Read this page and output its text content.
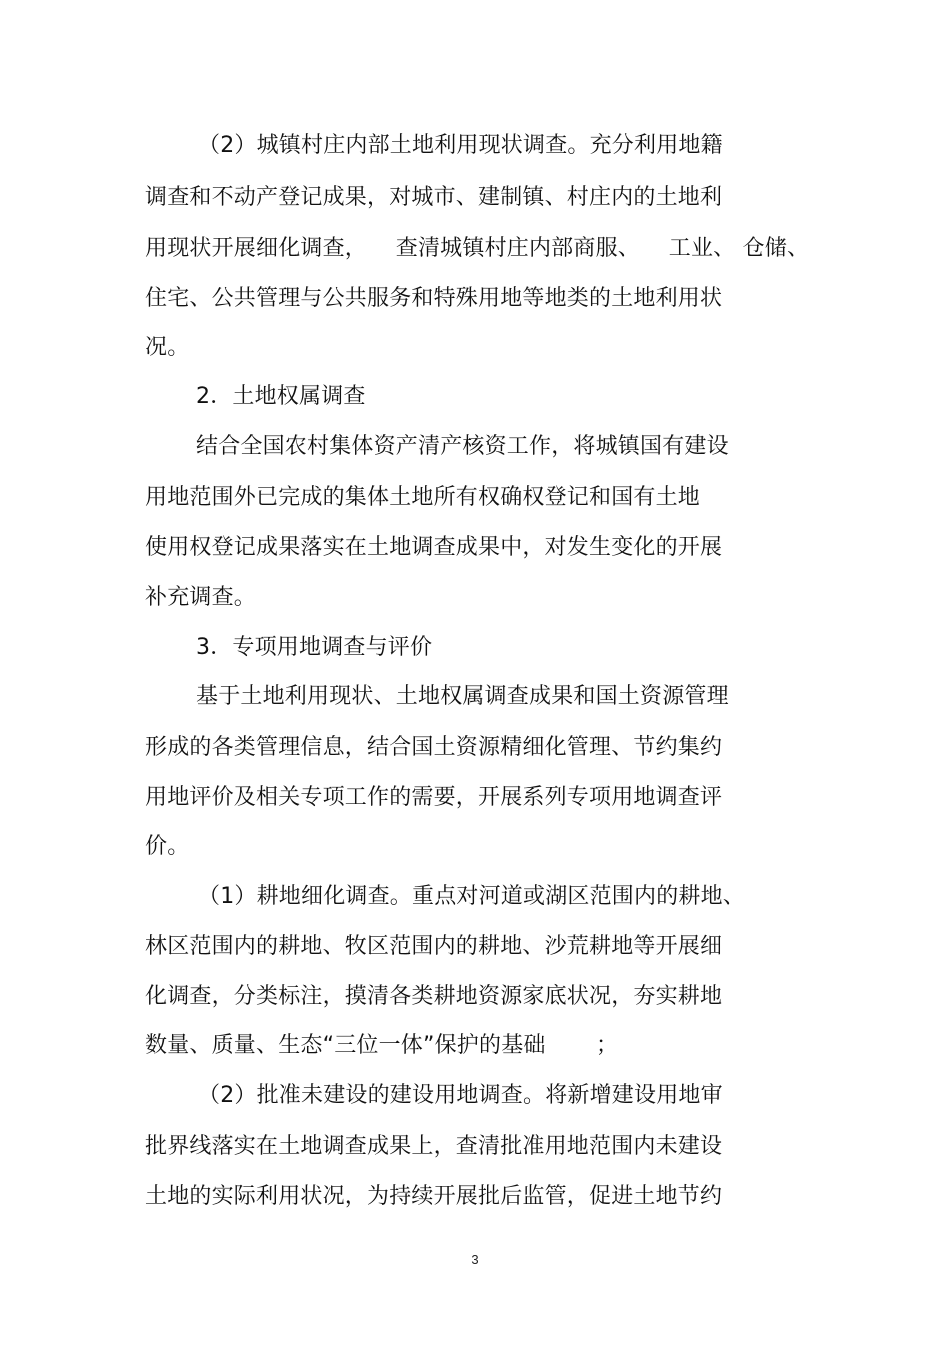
（2）城镇村庄内部土地利用现状调查。充分利用地籍
调查和不动产登记成果，对城市、建制镇、村庄内的土地利
用现状开展细化调查，    查清城镇村庄内部商服、    工业、 仓储、
住宅、公共管理与公共服务和特殊用地等地类的土地利用状
况。
2．土地权属调查
结合全国农村集体资产清产核资工作，将城镇国有建设
用地范围外已完成的集体土地所有权确权登记和国有土地
使用权登记成果落实在土地调查成果中，对发生变化的开展
补充调查。
3．专项用地调查与评价
基于土地利用现状、土地权属调查成果和国土资源管理
形成的各类管理信息，结合国土资源精细化管理、节约集约
用地评价及相关专项工作的需要，开展系列专项用地调查评
价。
（1）耕地细化调查。重点对河道或湖区范围内的耕地、
林区范围内的耕地、牧区范围内的耕地、沙荒耕地等开展细
化调查，分类标注，摸清各类耕地资源家底状况，夯实耕地
数量、质量、生态“三位一体”保护的基础       ；
（2）批准未建设的建设用地调查。将新增建设用地审
批界线落实在土地调查成果上，查清批准用地范围内未建设
土地的实际利用状况，为持续开展批后监管，促进土地节约
3
